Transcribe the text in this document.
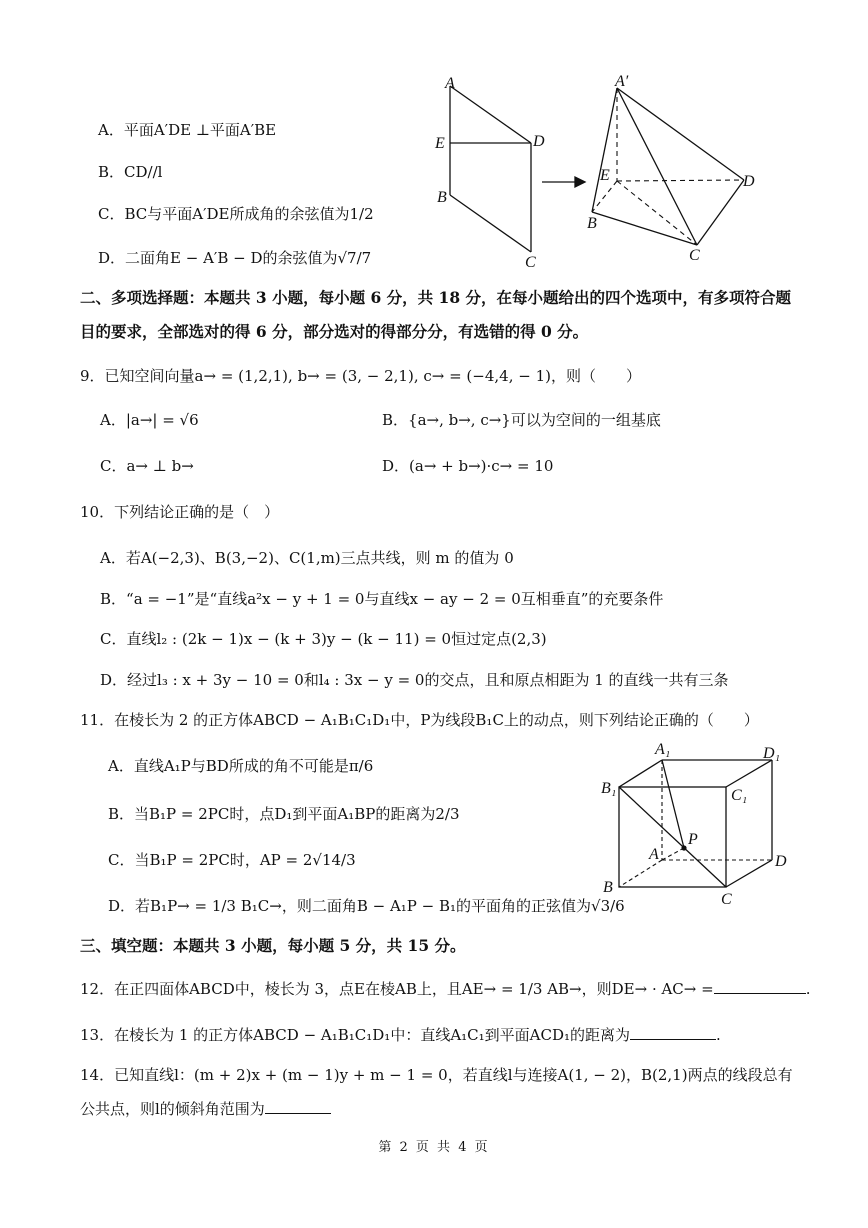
A．平面A′DE ⊥平面A′BE
B．CD//l
C．BC与平面A′DE所成角的余弦值为1/2
D．二面角E − A′B − D的余弦值为√7/7
A
E	D
B
C
A′
E	D
B
C
二、多项选择题：本题共 3 小题，每小题 6 分，共 18 分，在每小题给出的四个选项中，有多项符合题
目的要求，全部选对的得 6 分，部分选对的得部分分，有选错的得 0 分。
9．已知空间向量a→ = (1,2,1), b→ = (3, − 2,1), c→ = (−4,4, − 1)，则（　　）
A．|a→| = √6	B．{a→, b→, c→}可以为空间的一组基底
C．a→ ⊥ b→	D．(a→ + b→)·c→ = 10
10．下列结论正确的是（　）
A．若A(−2,3)、B(3,−2)、C(1,m)三点共线，则 m 的值为 0
B．“a = −1”是“直线a²x − y + 1 = 0与直线x − ay − 2 = 0互相垂直”的充要条件
C．直线l₂ : (2k − 1)x − (k + 3)y − (k − 11) = 0恒过定点(2,3)
D．经过l₃ : x + 3y − 10 = 0和l₄ : 3x − y = 0的交点，且和原点相距为 1 的直线一共有三条
11．在棱长为 2 的正方体ABCD − A₁B₁C₁D₁中，P为线段B₁C上的动点，则下列结论正确的（　　）
A．直线A₁P与BD所成的角不可能是π/6
B．当B₁P = 2PC时，点D₁到平面A₁BP的距离为2/3
C．当B₁P = 2PC时，AP = 2√14/3
D．若B₁P→ = 1/3 B₁C→，则二面角B − A₁P − B₁的平面角的正弦值为√3/6
A₁	D₁
B₁	C₁
P
A	D
B
C
三、填空题：本题共 3 小题，每小题 5 分，共 15 分。
12．在正四面体ABCD中，棱长为 3，点E在棱AB上，且AE→ = 1/3 AB→，则DE→ · AC→ =	.
13．在棱长为 1 的正方体ABCD − A₁B₁C₁D₁中：直线A₁C₁到平面ACD₁的距离为	.
14．已知直线l：(m + 2)x + (m − 1)y + m − 1 = 0，若直线l与连接A(1, − 2)，B(2,1)两点的线段总有
公共点，则l的倾斜角范围为
第 2 页 共 4 页
